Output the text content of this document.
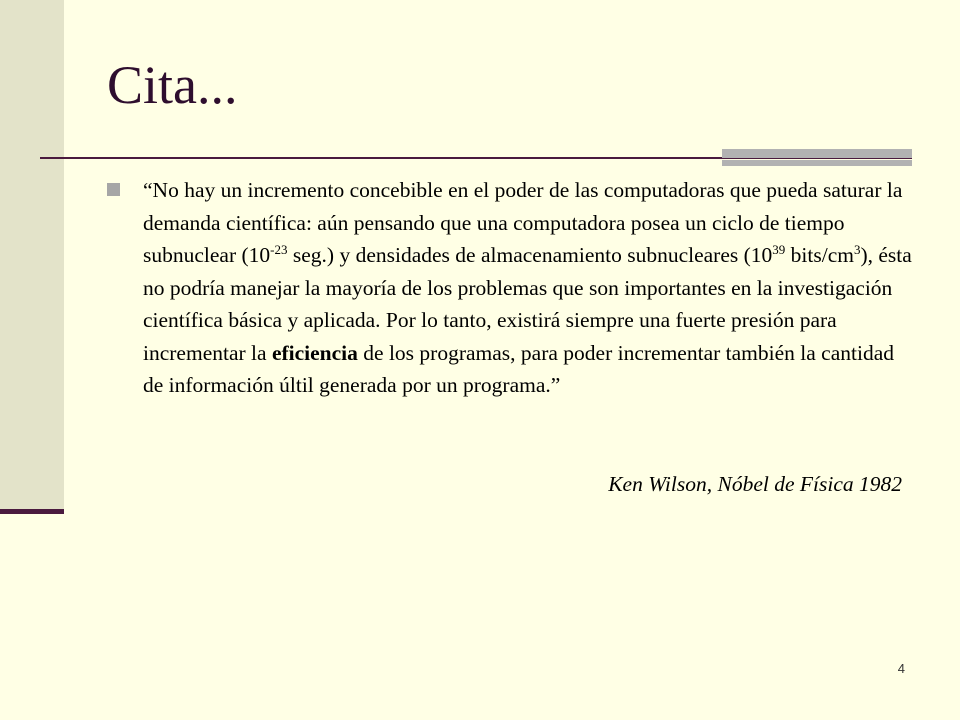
Cita...

“No hay un incremento concebible en el poder de las computadoras que pueda saturar la demanda científica: aún pensando que una computadora posea un ciclo de tiempo subnuclear ($10^{-23}$ seg.) y densidades de almacenamiento subnucleares ($10^{39}$ bits/$cm^3$), ésta no podría manejar la mayoría de los problemas que son importantes en la investigación científica básica y aplicada. Por lo tanto, existirá siempre una fuerte presión para incrementar la eficiencia de los programas, para poder incrementar también la cantidad de información últil generada por un programa.”

Ken Wilson, Nóbel de Física 1982

4
